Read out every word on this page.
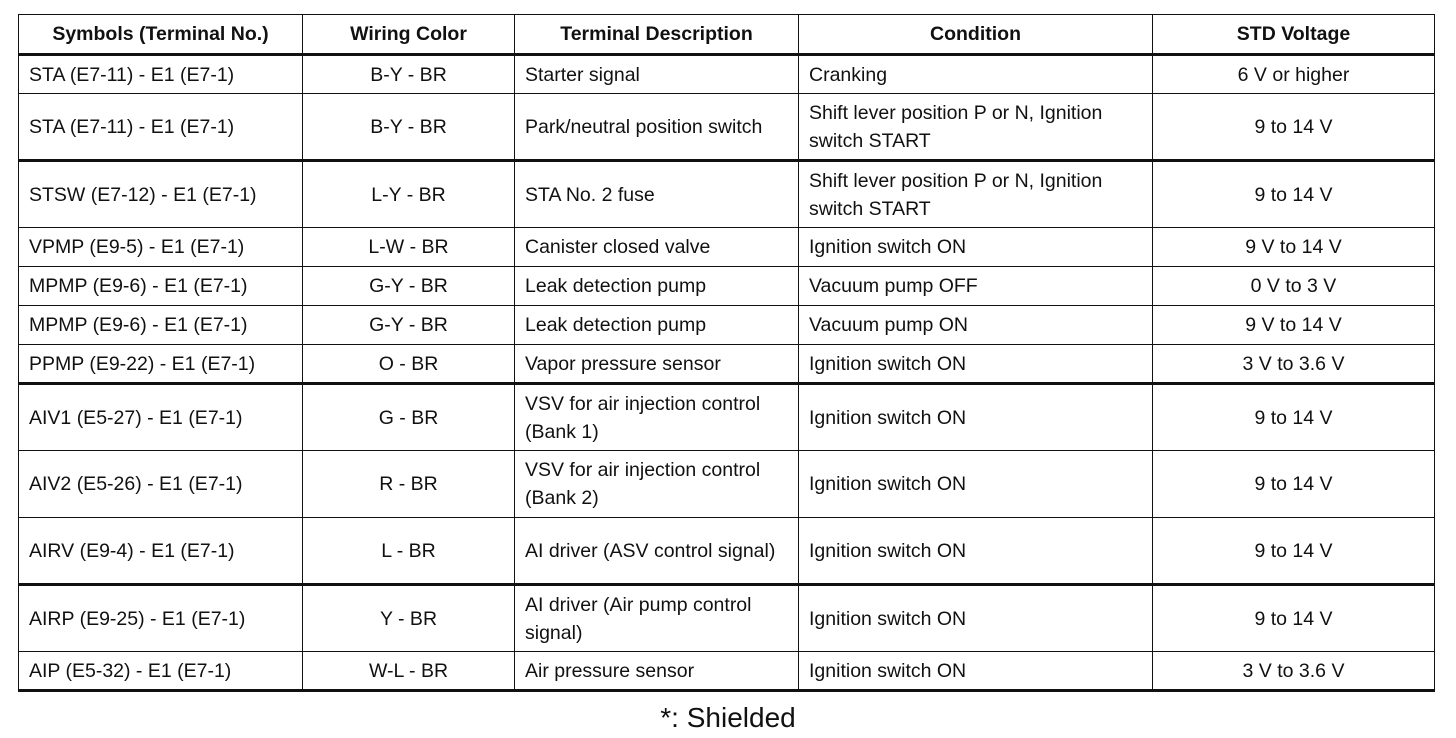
Symbols (Terminal No.)	Wiring Color	Terminal Description	Condition	STD Voltage
STA (E7-11) - E1 (E7-1)	B-Y - BR	Starter signal	Cranking	6 V or higher
STA (E7-11) - E1 (E7-1)	B-Y - BR	Park/neutral position switch	Shift lever position P or N, Ignition switch START	9 to 14 V
STSW (E7-12) - E1 (E7-1)	L-Y - BR	STA No. 2 fuse	Shift lever position P or N, Ignition switch START	9 to 14 V
VPMP (E9-5) - E1 (E7-1)	L-W - BR	Canister closed valve	Ignition switch ON	9 V to 14 V
MPMP (E9-6) - E1 (E7-1)	G-Y - BR	Leak detection pump	Vacuum pump OFF	0 V to 3 V
MPMP (E9-6) - E1 (E7-1)	G-Y - BR	Leak detection pump	Vacuum pump ON	9 V to 14 V
PPMP (E9-22) - E1 (E7-1)	O - BR	Vapor pressure sensor	Ignition switch ON	3 V to 3.6 V
AIV1 (E5-27) - E1 (E7-1)	G - BR	VSV for air injection control (Bank 1)	Ignition switch ON	9 to 14 V
AIV2 (E5-26) - E1 (E7-1)	R - BR	VSV for air injection control (Bank 2)	Ignition switch ON	9 to 14 V
AIRV (E9-4) - E1 (E7-1)	L - BR	AI driver (ASV control signal)	Ignition switch ON	9 to 14 V
AIRP (E9-25) - E1 (E7-1)	Y - BR	AI driver (Air pump control signal)	Ignition switch ON	9 to 14 V
AIP (E5-32) - E1 (E7-1)	W-L - BR	Air pressure sensor	Ignition switch ON	3 V to 3.6 V
*: Shielded
